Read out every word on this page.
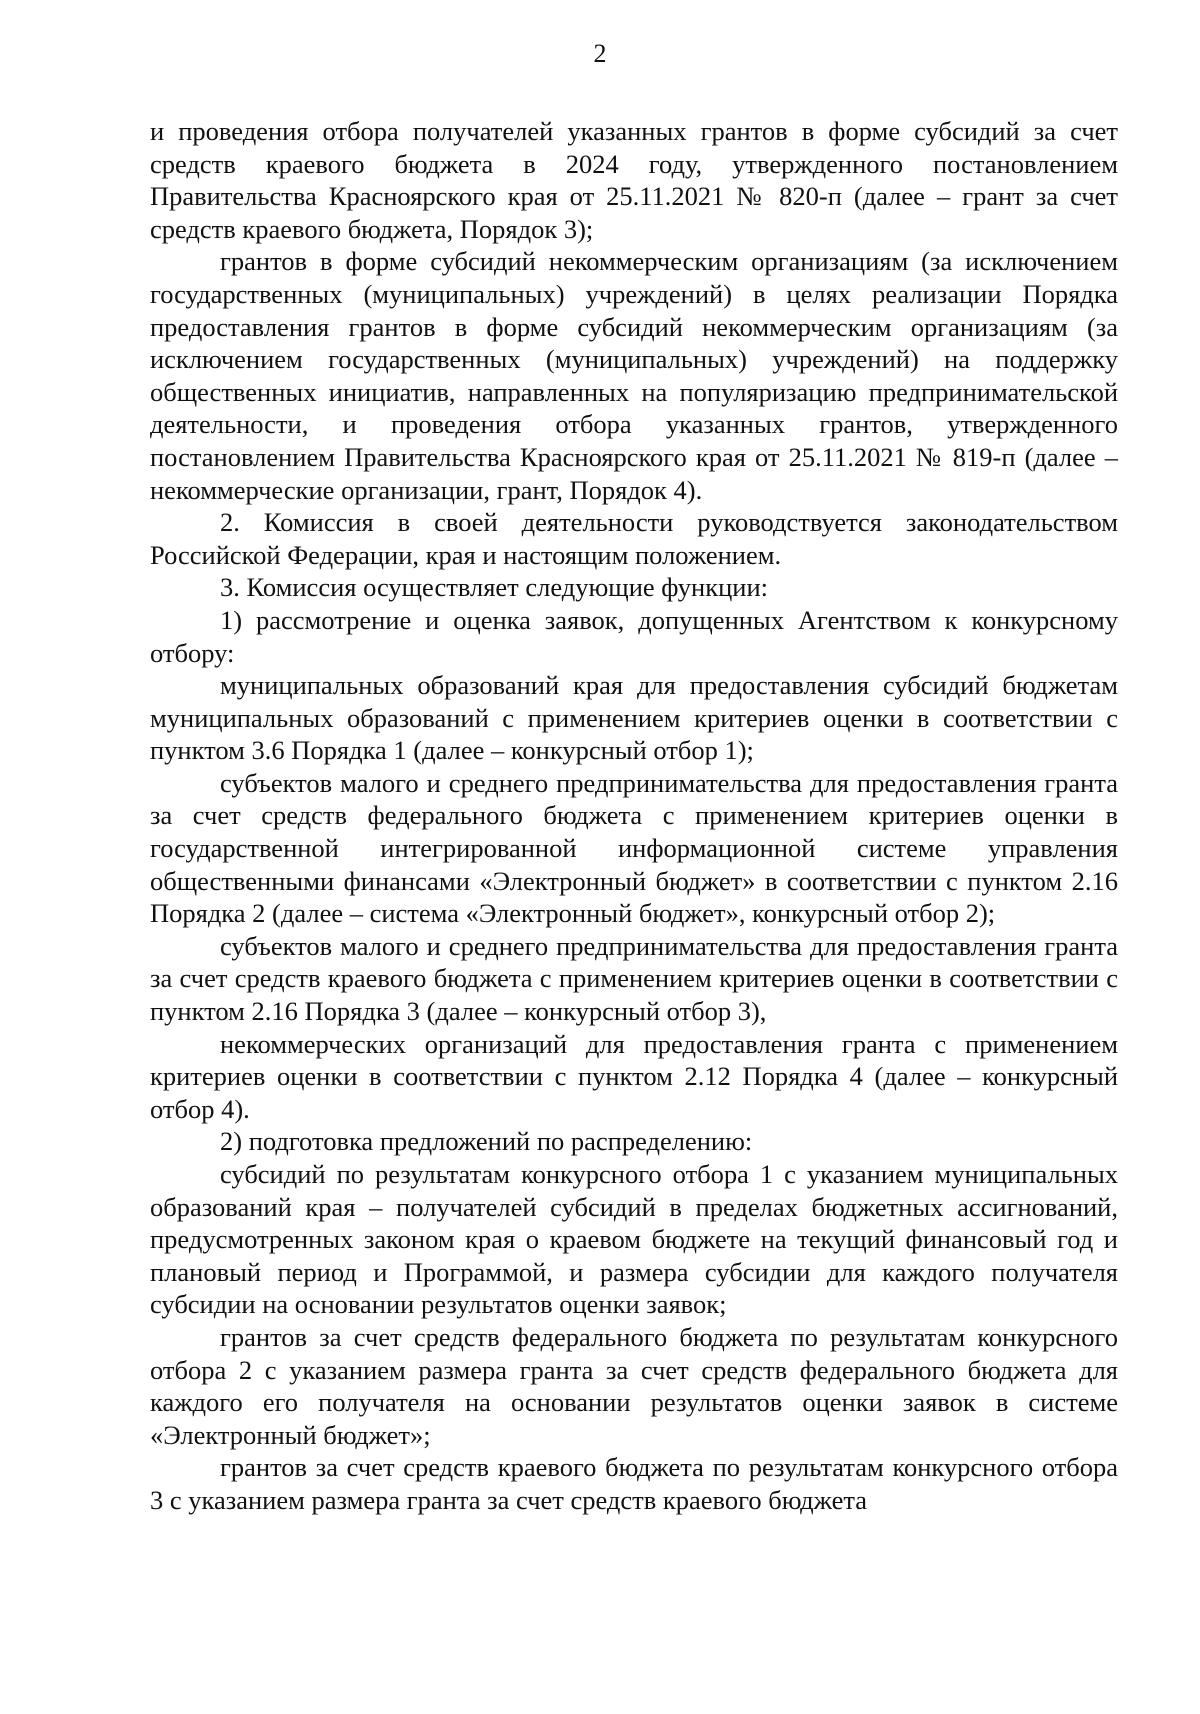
2

и проведения отбора получателей указанных грантов в форме субсидий за счет средств краевого бюджета в 2024 году, утвержденного постановлением Правительства Красноярского края от 25.11.2021 № 820-п (далее – грант за счет средств краевого бюджета, Порядок 3);

грантов в форме субсидий некоммерческим организациям (за исключением государственных (муниципальных) учреждений) в целях реализации Порядка предоставления грантов в форме субсидий некоммерческим организациям (за исключением государственных (муниципальных) учреждений) на поддержку общественных инициатив, направленных на популяризацию предпринимательской деятельности, и проведения отбора указанных грантов, утвержденного постановлением Правительства Красноярского края от 25.11.2021 № 819-п (далее – некоммерческие организации, грант, Порядок 4).

2. Комиссия в своей деятельности руководствуется законодательством Российской Федерации, края и настоящим положением.

3. Комиссия осуществляет следующие функции:

1) рассмотрение и оценка заявок, допущенных Агентством к конкурсному отбору:

муниципальных образований края для предоставления субсидий бюджетам муниципальных образований с применением критериев оценки в соответствии с пунктом 3.6 Порядка 1 (далее – конкурсный отбор 1);

субъектов малого и среднего предпринимательства для предоставления гранта за счет средств федерального бюджета с применением критериев оценки в государственной интегрированной информационной системе управления общественными финансами «Электронный бюджет» в соответствии с пунктом 2.16 Порядка 2 (далее – система «Электронный бюджет», конкурсный отбор 2);

субъектов малого и среднего предпринимательства для предоставления гранта за счет средств краевого бюджета с применением критериев оценки в соответствии с пунктом 2.16 Порядка 3 (далее – конкурсный отбор 3),

некоммерческих организаций для предоставления гранта с применением критериев оценки в соответствии с пунктом 2.12 Порядка 4 (далее – конкурсный отбор 4).

2) подготовка предложений по распределению:

субсидий по результатам конкурсного отбора 1 с указанием муниципальных образований края – получателей субсидий в пределах бюджетных ассигнований, предусмотренных законом края о краевом бюджете на текущий финансовый год и плановый период и Программой, и размера субсидии для каждого получателя субсидии на основании результатов оценки заявок;

грантов за счет средств федерального бюджета по результатам конкурсного отбора 2 с указанием размера гранта за счет средств федерального бюджета для каждого его получателя на основании результатов оценки заявок в системе «Электронный бюджет»;

грантов за счет средств краевого бюджета по результатам конкурсного отбора 3 с указанием размера гранта за счет средств краевого бюджета
